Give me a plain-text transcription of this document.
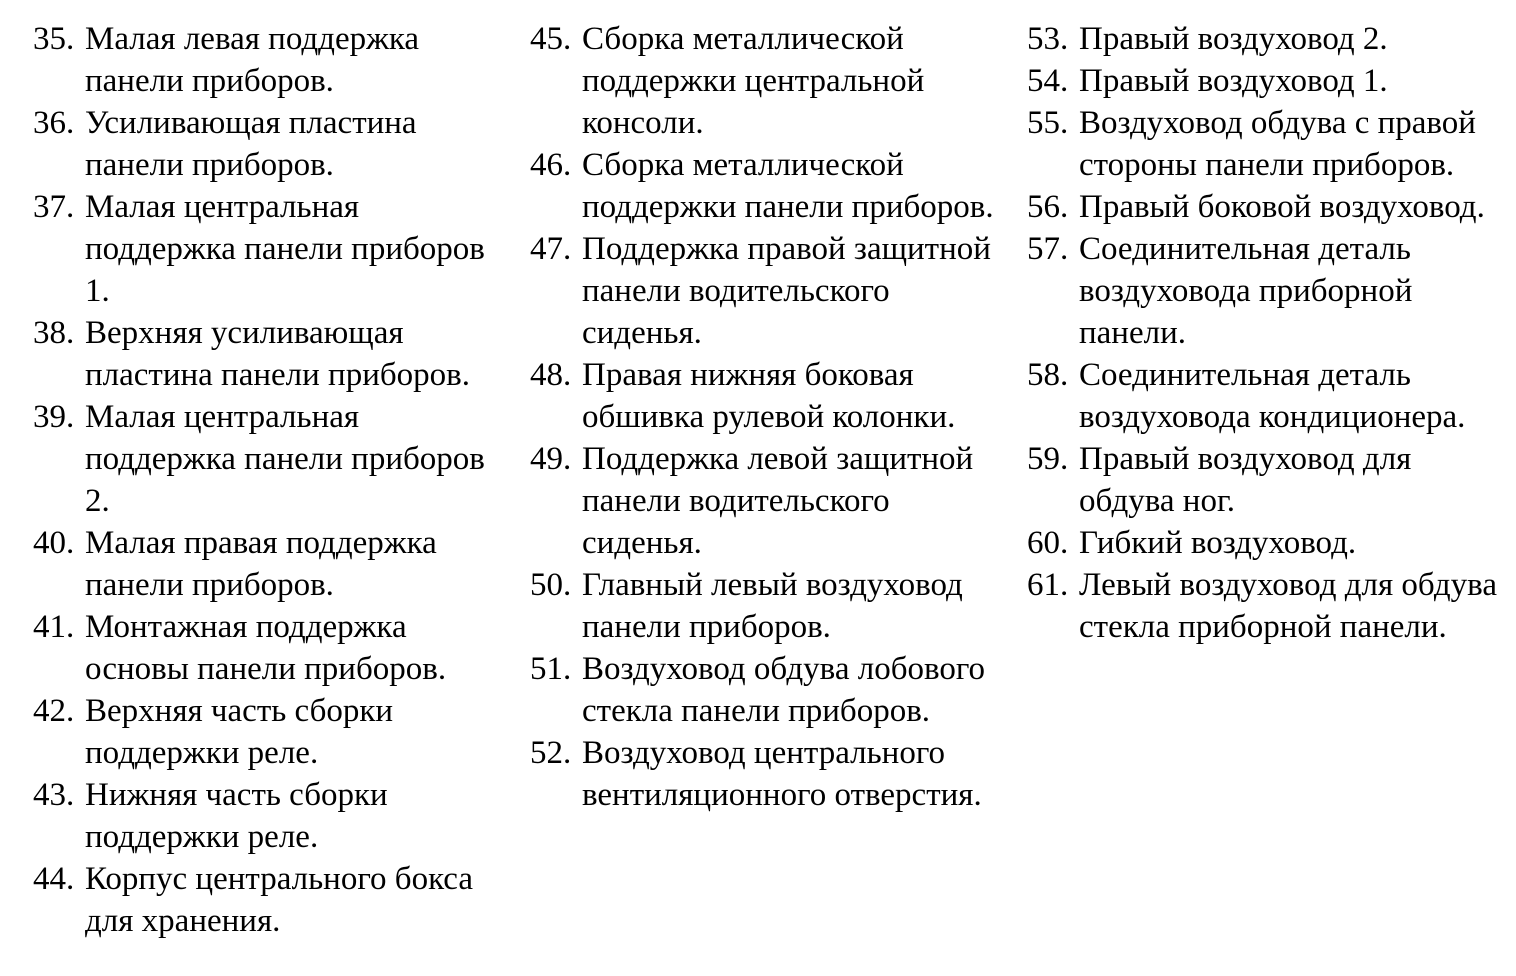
35. Малая левая поддержка панели приборов.
36. Усиливающая пластина панели приборов.
37. Малая центральная поддержка панели приборов 1.
38. Верхняя усиливающая пластина панели приборов.
39. Малая центральная поддержка панели приборов 2.
40. Малая правая поддержка панели приборов.
41. Монтажная поддержка основы панели приборов.
42. Верхняя часть сборки поддержки реле.
43. Нижняя часть сборки поддержки реле.
44. Корпус центрального бокса для хранения.
45. Сборка металлической поддержки центральной консоли.
46. Сборка металлической поддержки панели приборов.
47. Поддержка правой защитной панели водительского сиденья.
48. Правая нижняя боковая обшивка рулевой колонки.
49. Поддержка левой защитной панели водительского сиденья.
50. Главный левый воздуховод панели приборов.
51. Воздуховод обдува лобового стекла панели приборов.
52. Воздуховод центрального вентиляционного отверстия.
53. Правый воздуховод 2.
54. Правый воздуховод 1.
55. Воздуховод обдува с правой стороны панели приборов.
56. Правый боковой воздуховод.
57. Соединительная деталь воздуховода приборной панели.
58. Соединительная деталь воздуховода кондиционера.
59. Правый воздуховод для обдува ног.
60. Гибкий воздуховод.
61. Левый воздуховод для обдува стекла приборной панели.
